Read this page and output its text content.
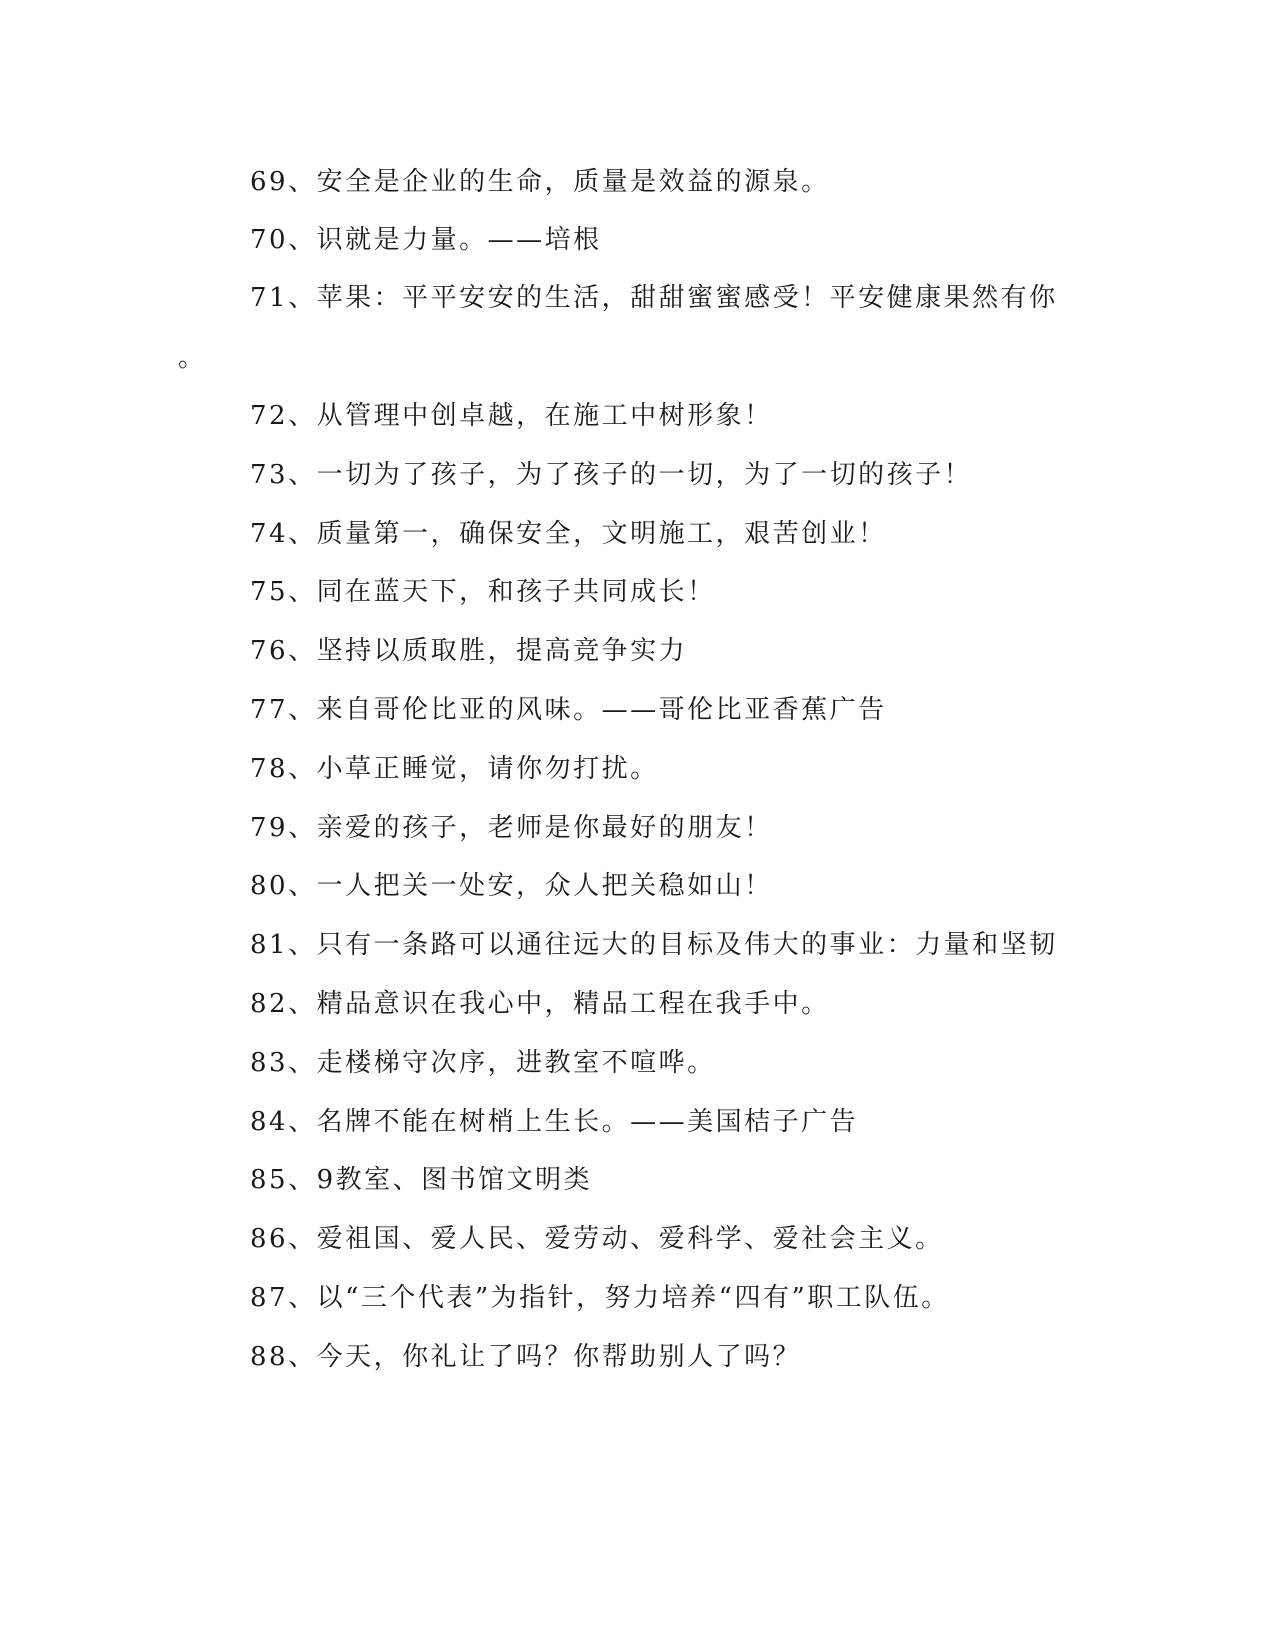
69、安全是企业的生命，质量是效益的源泉。
70、识就是力量。——培根
71、苹果：平平安安的生活，甜甜蜜蜜感受！平安健康果然有你
。
72、从管理中创卓越，在施工中树形象！
73、一切为了孩子，为了孩子的一切，为了一切的孩子！
74、质量第一，确保安全，文明施工，艰苦创业！
75、同在蓝天下，和孩子共同成长！
76、坚持以质取胜，提高竞争实力
77、来自哥伦比亚的风味。——哥伦比亚香蕉广告
78、小草正睡觉，请你勿打扰。
79、亲爱的孩子，老师是你最好的朋友！
80、一人把关一处安，众人把关稳如山！
81、只有一条路可以通往远大的目标及伟大的事业：力量和坚韧
82、精品意识在我心中，精品工程在我手中。
83、走楼梯守次序，进教室不喧哗。
84、名牌不能在树梢上生长。——美国桔子广告
85、9教室、图书馆文明类
86、爱祖国、爱人民、爱劳动、爱科学、爱社会主义。
87、以“三个代表”为指针，努力培养“四有”职工队伍。
88、今天，你礼让了吗？你帮助别人了吗？
